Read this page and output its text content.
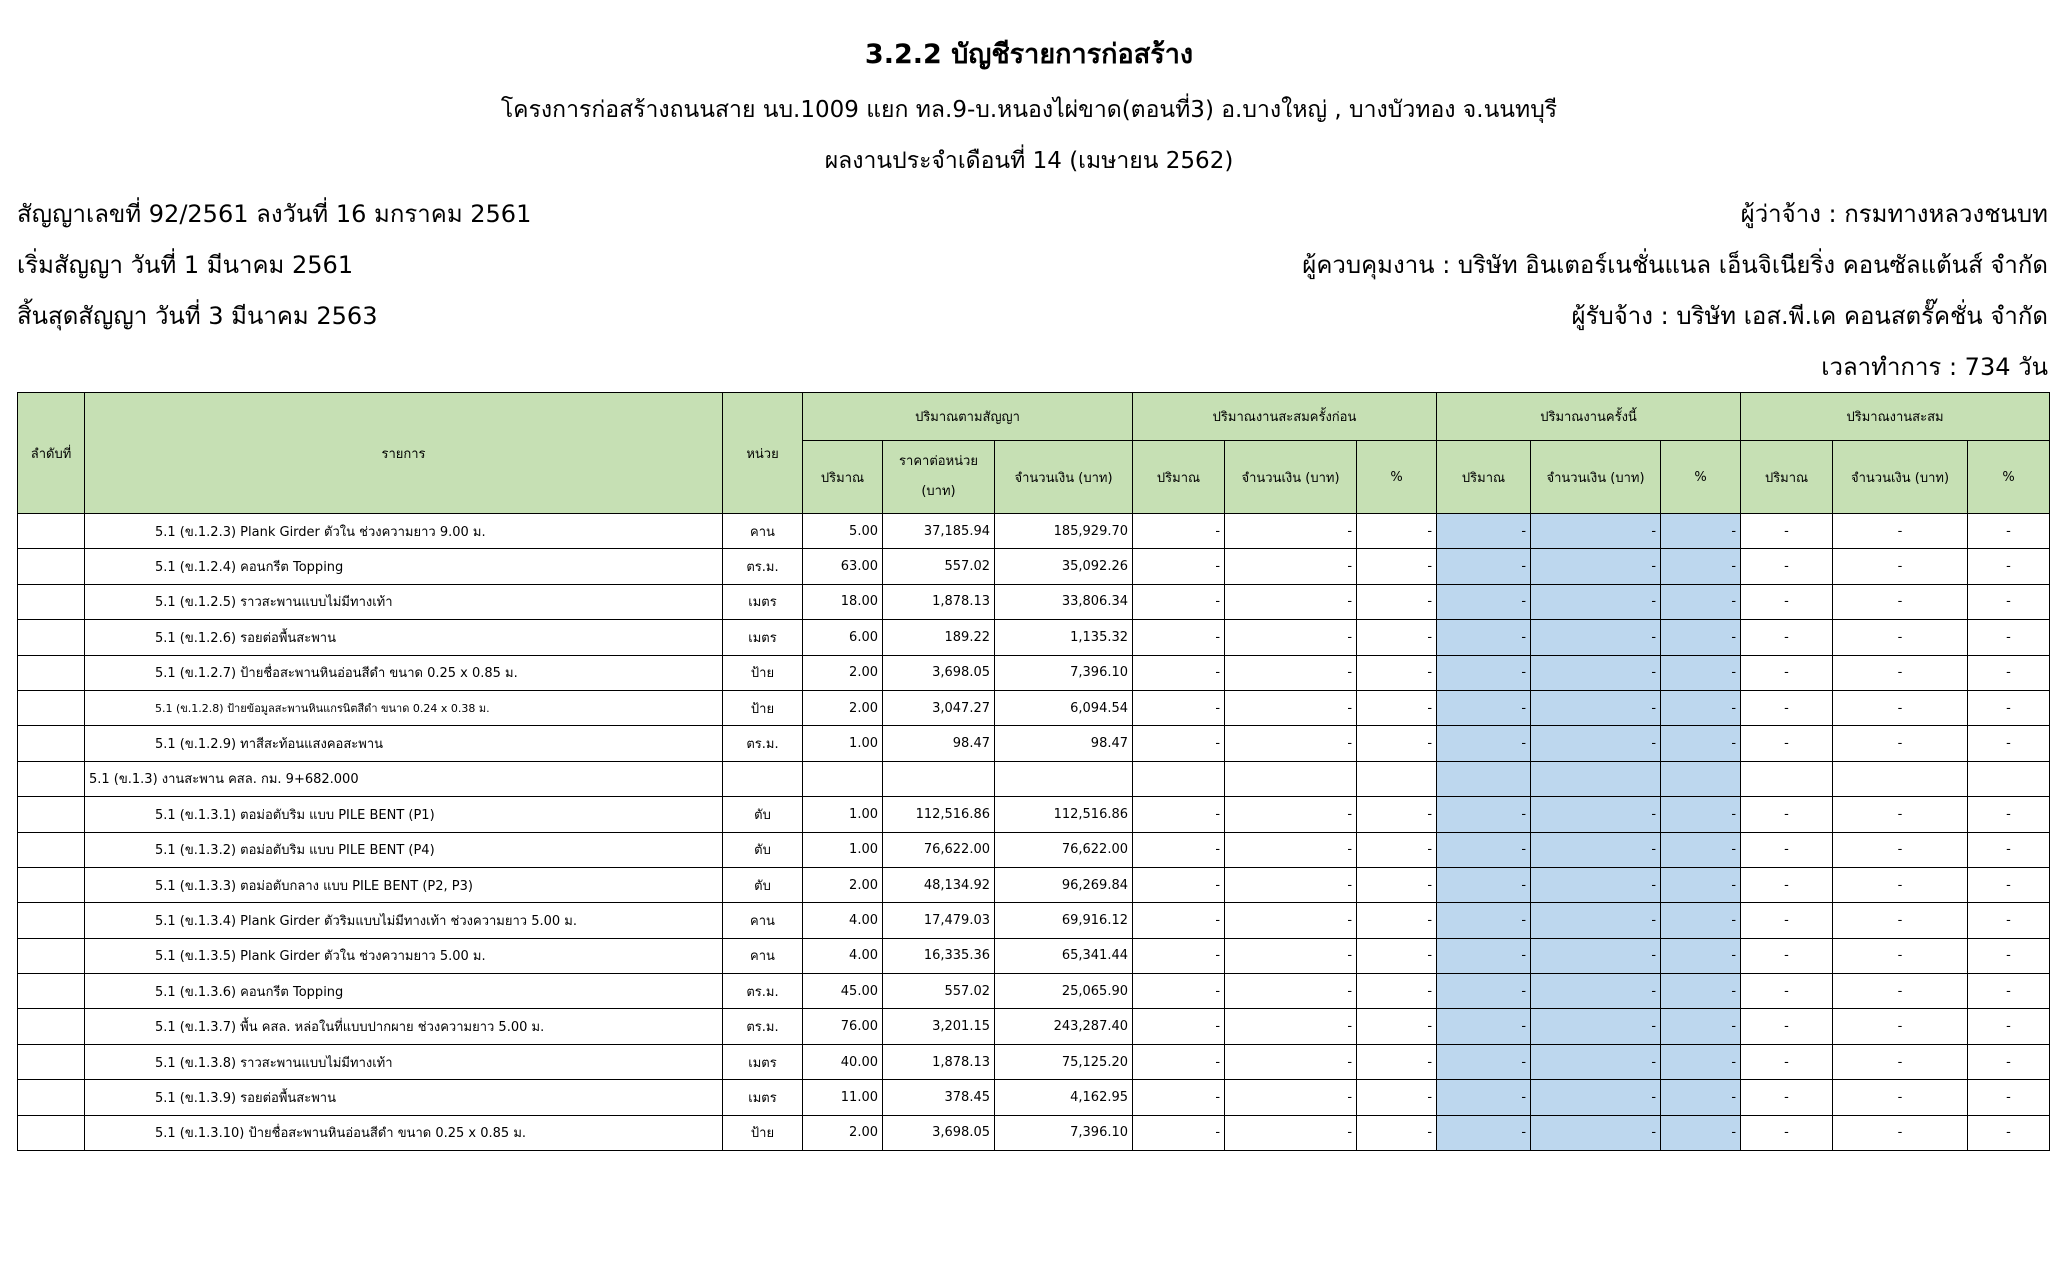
3.2.2 บัญชีรายการก่อสร้าง
โครงการก่อสร้างถนนสาย นบ.1009 แยก ทล.9-บ.หนองไผ่ขาด(ตอนที่3) อ.บางใหญ่ , บางบัวทอง จ.นนทบุรี
ผลงานประจำเดือนที่ 14 (เมษายน 2562)
สัญญาเลขที่ 92/2561 ลงวันที่ 16 มกราคม 2561
เริ่มสัญญา วันที่ 1 มีนาคม 2561
สิ้นสุดสัญญา วันที่ 3 มีนาคม 2563
ผู้ว่าจ้าง : กรมทางหลวงชนบท
ผู้ควบคุมงาน : บริษัท อินเตอร์เนชั่นแนล เอ็นจิเนียริ่ง คอนซัลแต้นส์ จำกัด
ผู้รับจ้าง : บริษัท เอส.พี.เค คอนสตรั๊คชั่น จำกัด
เวลาทำการ : 734 วัน
ลำดับที่	รายการ	หน่วย	ปริมาณตามสัญญา			ปริมาณงานสะสมครั้งก่อน			ปริมาณงานครั้งนี้			ปริมาณงานสะสม		
			ปริมาณ	ราคาต่อหน่วย (บาท)	จำนวนเงิน (บาท)	ปริมาณ	จำนวนเงิน (บาท)	%	ปริมาณ	จำนวนเงิน (บาท)	%	ปริมาณ	จำนวนเงิน (บาท)	%
	5.1 (ข.1.2.3) Plank Girder ตัวใน ช่วงความยาว 9.00 ม.	คาน	5.00	37,185.94	185,929.70	-	-	-	-	-	-	-	-	-
	5.1 (ข.1.2.4) คอนกรีต Topping	ตร.ม.	63.00	557.02	35,092.26	-	-	-	-	-	-	-	-	-
	5.1 (ข.1.2.5) ราวสะพานแบบไม่มีทางเท้า	เมตร	18.00	1,878.13	33,806.34	-	-	-	-	-	-	-	-	-
	5.1 (ข.1.2.6) รอยต่อพื้นสะพาน	เมตร	6.00	189.22	1,135.32	-	-	-	-	-	-	-	-	-
	5.1 (ข.1.2.7) ป้ายชื่อสะพานหินอ่อนสีดำ ขนาด 0.25 x 0.85 ม.	ป้าย	2.00	3,698.05	7,396.10	-	-	-	-	-	-	-	-	-
	5.1 (ข.1.2.8) ป้ายข้อมูลสะพานหินแกรนิตสีดำ ขนาด 0.24 x 0.38 ม.	ป้าย	2.00	3,047.27	6,094.54	-	-	-	-	-	-	-	-	-
	5.1 (ข.1.2.9) ทาสีสะท้อนแสงคอสะพาน	ตร.ม.	1.00	98.47	98.47	-	-	-	-	-	-	-	-	-
	5.1 (ข.1.3) งานสะพาน คสล. กม. 9+682.000													
	5.1 (ข.1.3.1) ตอม่อตับริม แบบ PILE BENT (P1)	ตับ	1.00	112,516.86	112,516.86	-	-	-	-	-	-	-	-	-
	5.1 (ข.1.3.2) ตอม่อตับริม แบบ PILE BENT (P4)	ตับ	1.00	76,622.00	76,622.00	-	-	-	-	-	-	-	-	-
	5.1 (ข.1.3.3) ตอม่อตับกลาง แบบ PILE BENT (P2, P3)	ตับ	2.00	48,134.92	96,269.84	-	-	-	-	-	-	-	-	-
	5.1 (ข.1.3.4) Plank Girder ตัวริมแบบไม่มีทางเท้า ช่วงความยาว 5.00 ม.	คาน	4.00	17,479.03	69,916.12	-	-	-	-	-	-	-	-	-
	5.1 (ข.1.3.5) Plank Girder ตัวใน ช่วงความยาว 5.00 ม.	คาน	4.00	16,335.36	65,341.44	-	-	-	-	-	-	-	-	-
	5.1 (ข.1.3.6) คอนกรีต Topping	ตร.ม.	45.00	557.02	25,065.90	-	-	-	-	-	-	-	-	-
	5.1 (ข.1.3.7) พื้น คสล. หล่อในที่แบบปากผาย ช่วงความยาว 5.00 ม.	ตร.ม.	76.00	3,201.15	243,287.40	-	-	-	-	-	-	-	-	-
	5.1 (ข.1.3.8) ราวสะพานแบบไม่มีทางเท้า	เมตร	40.00	1,878.13	75,125.20	-	-	-	-	-	-	-	-	-
	5.1 (ข.1.3.9) รอยต่อพื้นสะพาน	เมตร	11.00	378.45	4,162.95	-	-	-	-	-	-	-	-	-
	5.1 (ข.1.3.10) ป้ายชื่อสะพานหินอ่อนสีดำ ขนาด 0.25 x 0.85 ม.	ป้าย	2.00	3,698.05	7,396.10	-	-	-	-	-	-	-	-	-
